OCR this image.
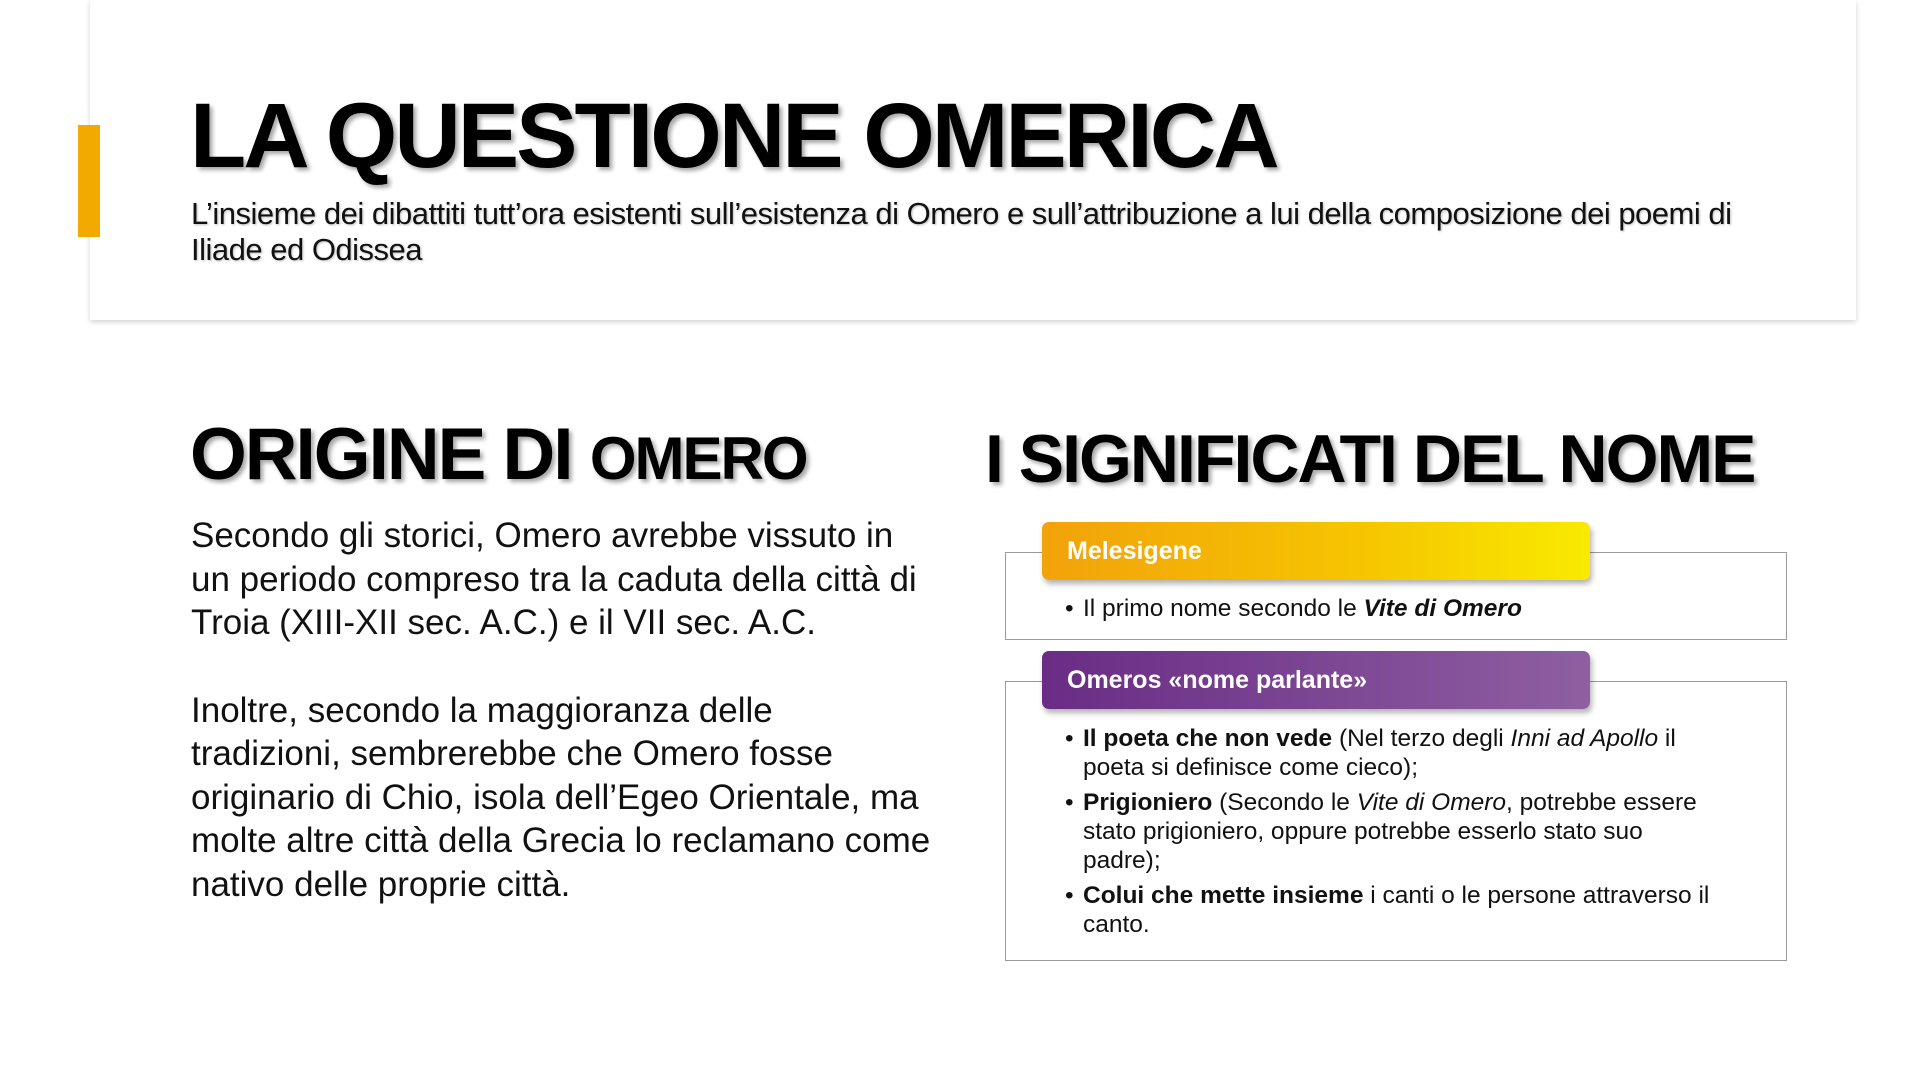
LA QUESTIONE OMERICA

L’insieme dei dibattiti tutt’ora esistenti sull’esistenza di Omero e sull’attribuzione a lui della composizione dei poemi di Iliade ed Odissea

ORIGINE DI OMERO

Secondo gli storici, Omero avrebbe vissuto in un periodo compreso tra la caduta della città di Troia (XIII-XII sec. A.C.) e il VII sec. A.C.

Inoltre, secondo la maggioranza delle tradizioni, sembrerebbe che Omero fosse originario di Chio, isola dell’Egeo Orientale, ma molte altre città della Grecia lo reclamano come nativo delle proprie città.

I SIGNIFICATI DEL NOME
Melesigene
• Il primo nome secondo le Vite di Omero
Omeros «nome parlante»
• Il poeta che non vede (Nel terzo degli Inni ad Apollo il poeta si definisce come cieco);
• Prigioniero (Secondo le Vite di Omero, potrebbe essere stato prigioniero, oppure potrebbe esserlo stato suo padre);
• Colui che mette insieme i canti o le persone attraverso il canto.
